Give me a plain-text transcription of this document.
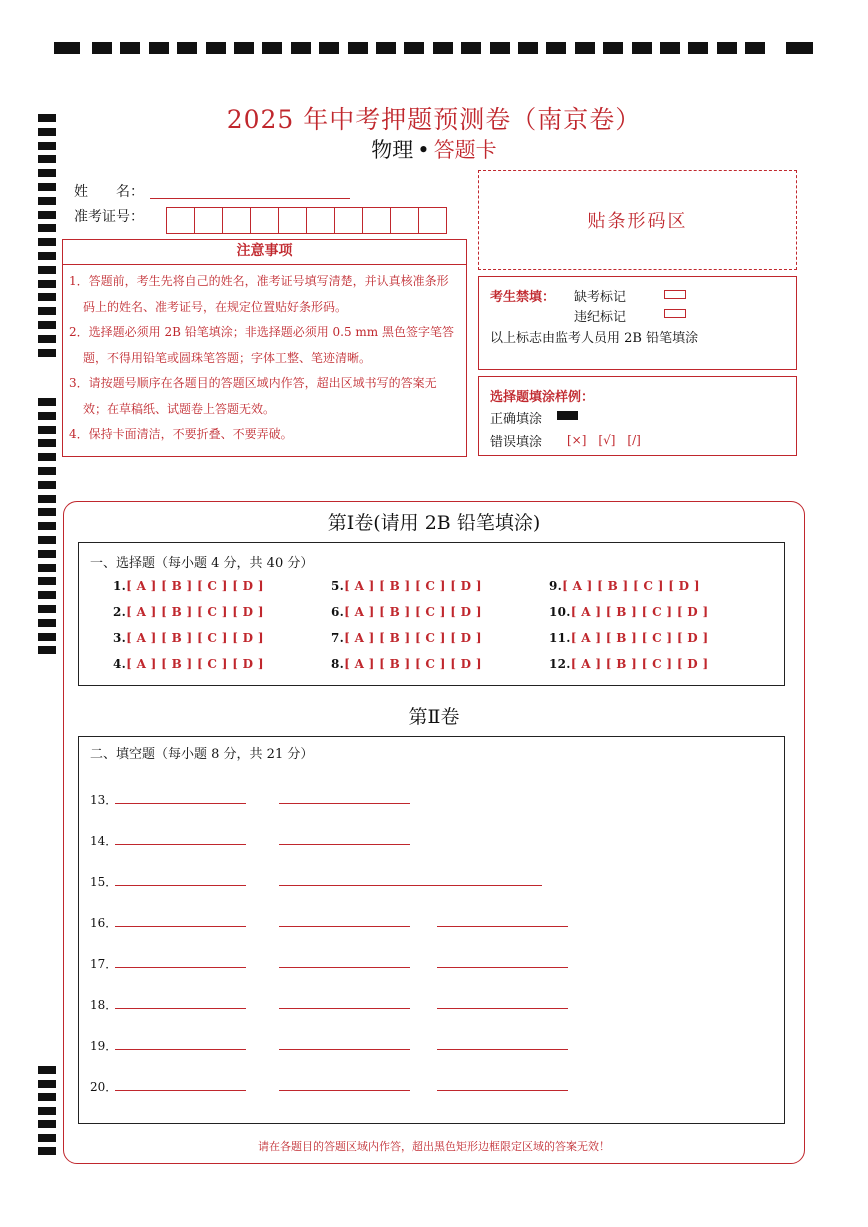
2025 年中考押题预测卷（南京卷）
物理 • 答题卡
姓　　名：
准考证号：
注意事项

1．答题前，考生先将自己的姓名，准考证号填写清楚，并认真核准条形码上的姓名、准考证号，在规定位置贴好条形码。

2．选择题必须用 2B 铅笔填涂；非选择题必须用 0.5 mm 黑色签字笔答题，不得用铅笔或圆珠笔答题；字体工整、笔迹清晰。

3．请按题号顺序在各题目的答题区域内作答，超出区域书写的答案无效；在草稿纸、试题卷上答题无效。

4．保持卡面清洁，不要折叠、不要弄破。

贴条形码区
考生禁填： 缺考标记
违纪标记
以上标志由监考人员用 2B 铅笔填涂
选择题填涂样例：
正确填涂
错误填涂 [×]　[√]　[/]
第Ⅰ卷(请用 2B 铅笔填涂)
一、选择题（每小题 4 分，共 40 分）
1.[ A ] [ B ] [ C ] [ D ]
2.[ A ] [ B ] [ C ] [ D ]
3.[ A ] [ B ] [ C ] [ D ]
4.[ A ] [ B ] [ C ] [ D ]
5.[ A ] [ B ] [ C ] [ D ]
6.[ A ] [ B ] [ C ] [ D ]
7.[ A ] [ B ] [ C ] [ D ]
8.[ A ] [ B ] [ C ] [ D ]
9.[ A ] [ B ] [ C ] [ D ]
10.[ A ] [ B ] [ C ] [ D ]
11.[ A ] [ B ] [ C ] [ D ]
12.[ A ] [ B ] [ C ] [ D ]
第Ⅱ卷
二、填空题（每小题 8 分，共 21 分）
13．
14．
15．
16．
17．
18．
19．
20．
请在各题目的答题区域内作答，超出黑色矩形边框限定区域的答案无效！
